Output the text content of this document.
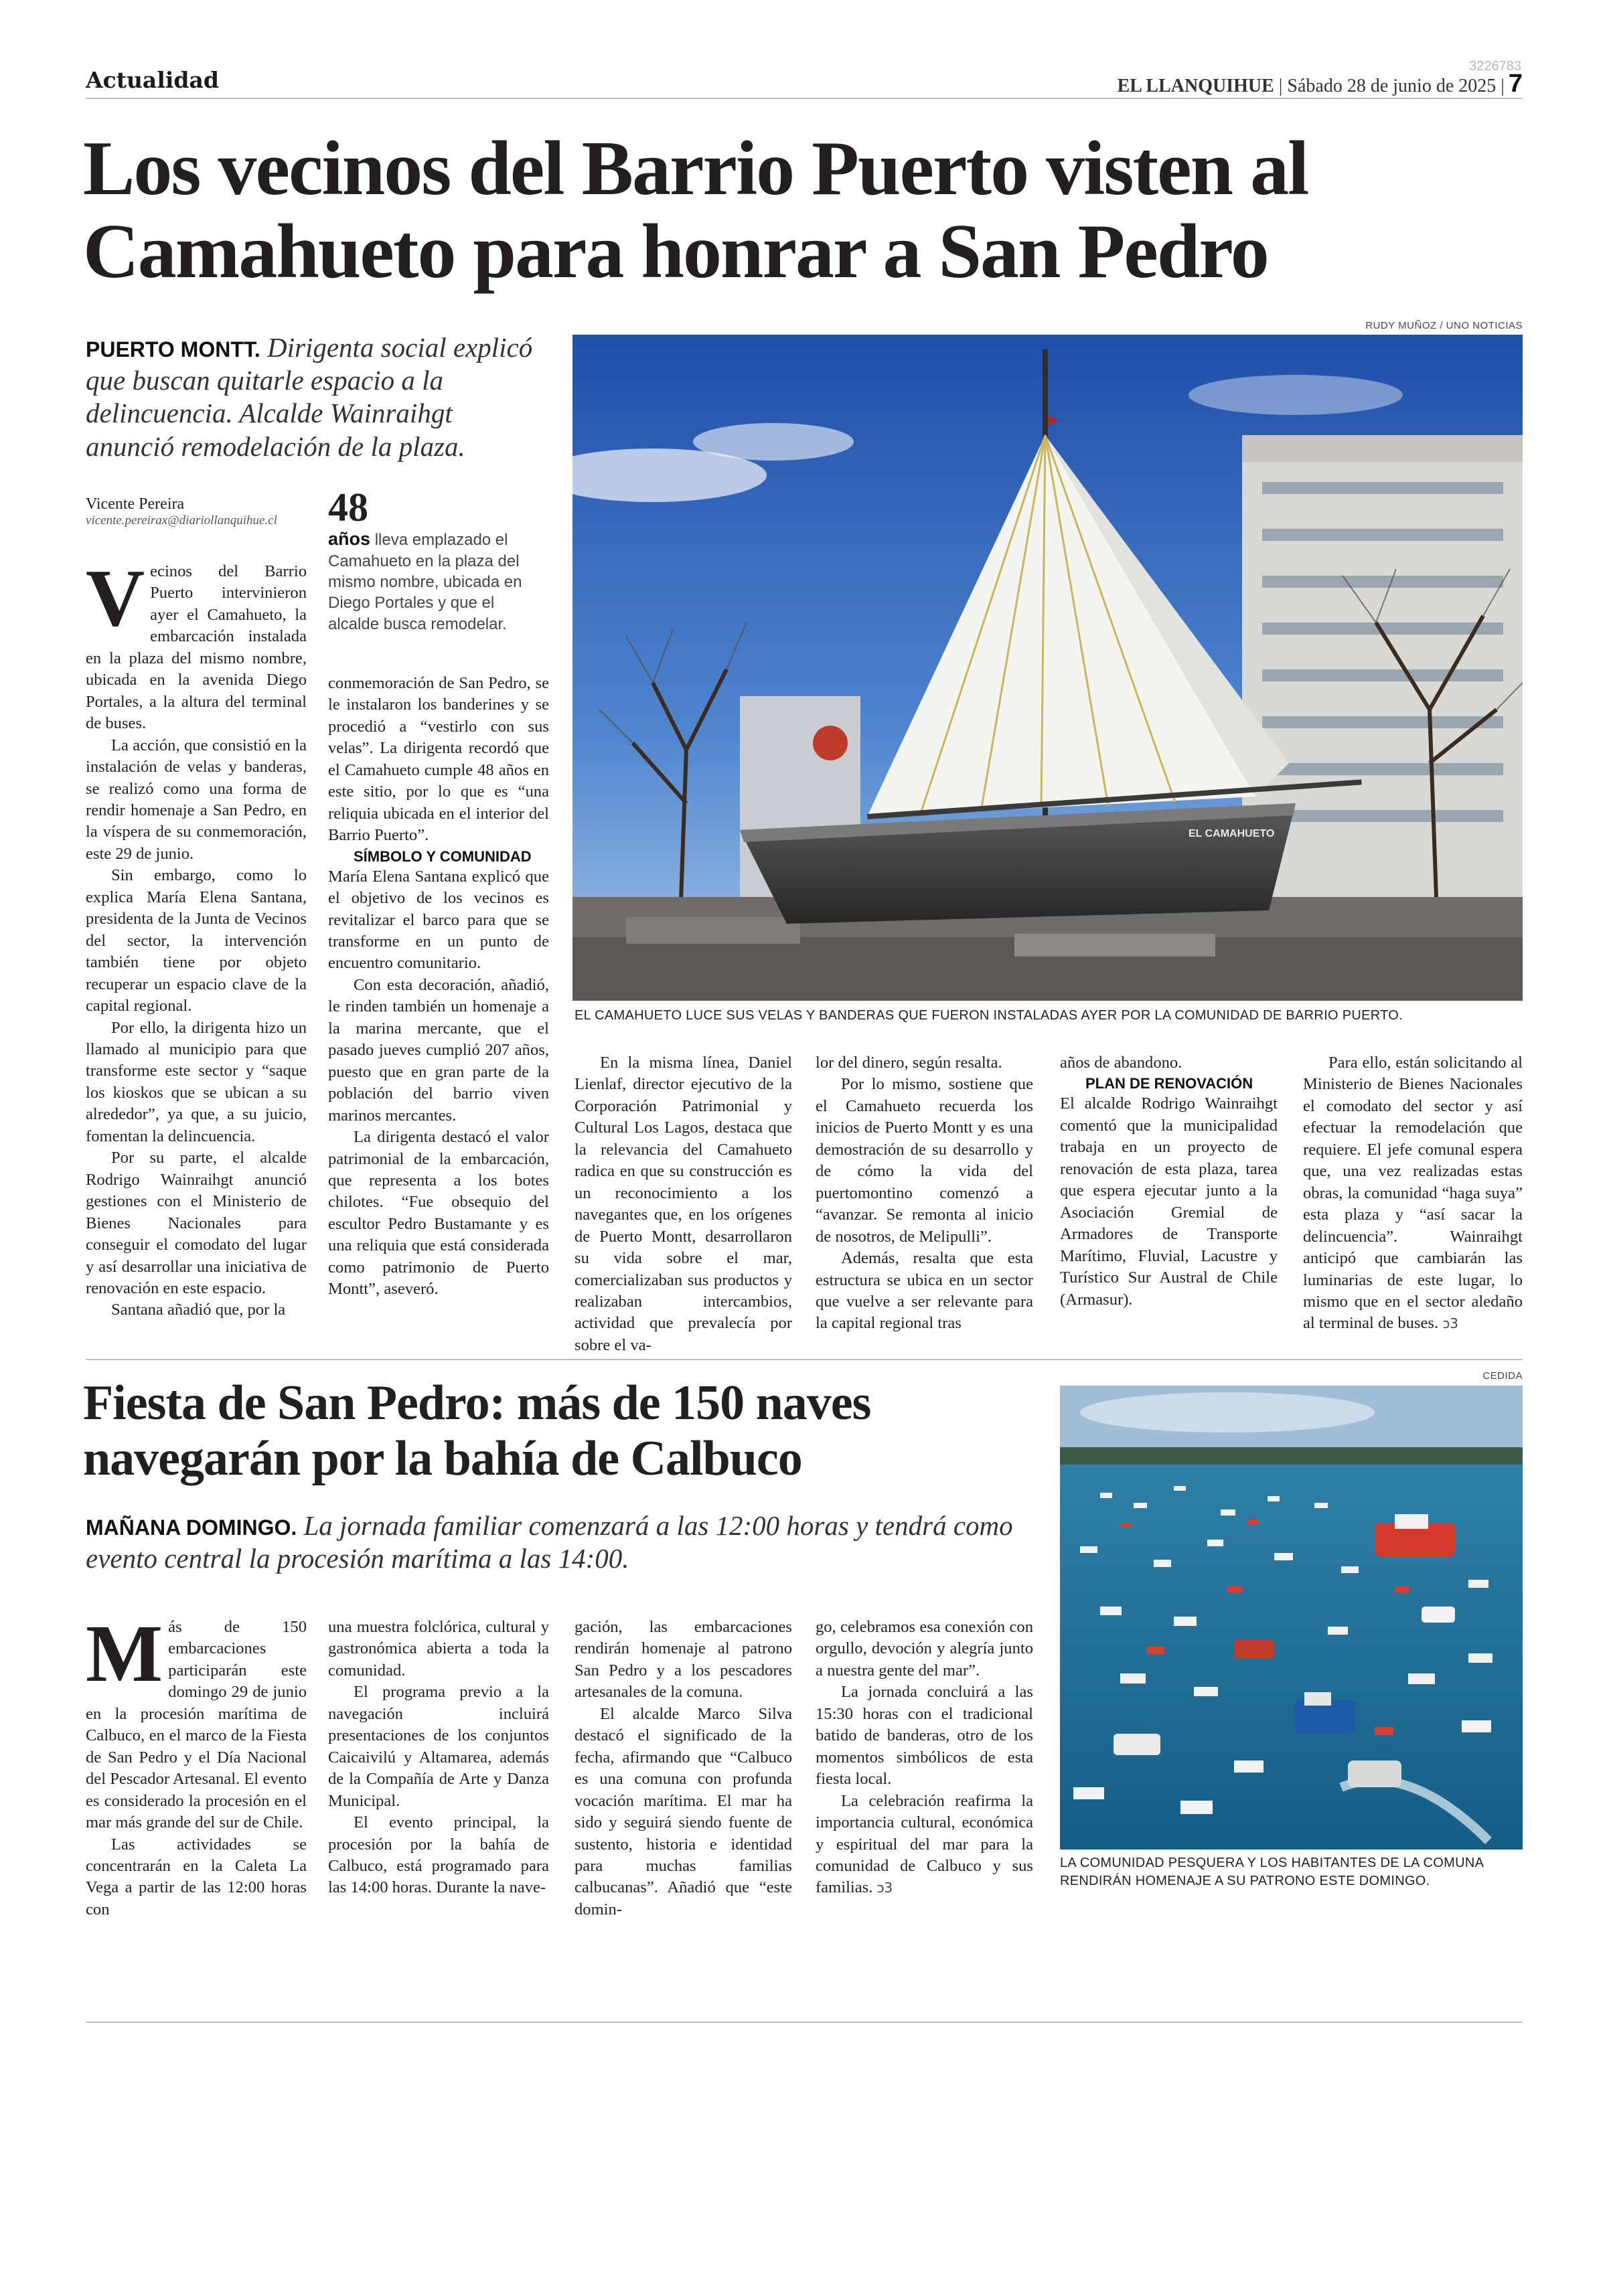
Actualidad	EL LLANQUIHUE | Sábado 28 de junio de 2025 | 7
3226783
Los vecinos del Barrio Puerto visten al Camahueto para honrar a San Pedro
PUERTO MONTT. Dirigenta social explicó que buscan quitarle espacio a la delincuencia. Alcalde Wainraihgt anunció remodelación de la plaza.
Vicente Pereira
vicente.pereirax@diariollanquihue.cl	48
años lleva emplazado el Camahueto en la plaza del mismo nombre, ubicada en Diego Portales y que el alcalde busca remodelar.
RUDY MUÑOZ / UNO NOTICIAS
EL CAMAHUETO
EL CAMAHUETO LUCE SUS VELAS Y BANDERAS QUE FUERON INSTALADAS AYER POR LA COMUNIDAD DE BARRIO PUERTO.

Vecinos del Barrio Puerto intervinieron ayer el Camahueto, la embarcación instalada en la plaza del mismo nombre, ubicada en la avenida Diego Portales, a la altura del terminal de buses.

La acción, que consistió en la instalación de velas y banderas, se realizó como una forma de rendir homenaje a San Pedro, en la víspera de su conmemoración, este 29 de junio.

Sin embargo, como lo explica María Elena Santana, presidenta de la Junta de Vecinos del sector, la intervención también tiene por objeto recuperar un espacio clave de la capital regional.

Por ello, la dirigenta hizo un llamado al municipio para que transforme este sector y “saque los kioskos que se ubican a su alrededor”, ya que, a su juicio, fomentan la delincuencia.

Por su parte, el alcalde Rodrigo Wainraihgt anunció gestiones con el Ministerio de Bienes Nacionales para conseguir el comodato del lugar y así desarrollar una iniciativa de renovación en este espacio.

Santana añadió que, por la

conmemoración de San Pedro, se le instalaron los banderines y se procedió a “vestirlo con sus velas”. La dirigenta recordó que el Camahueto cumple 48 años en este sitio, por lo que es “una reliquia ubicada en el interior del Barrio Puerto”.

SÍMBOLO Y COMUNIDAD

María Elena Santana explicó que el objetivo de los vecinos es revitalizar el barco para que se transforme en un punto de encuentro comunitario.

Con esta decoración, añadió, le rinden también un homenaje a la marina mercante, que el pasado jueves cumplió 207 años, puesto que en gran parte de la población del barrio viven marinos mercantes.

La dirigenta destacó el valor patrimonial de la embarcación, que representa a los botes chilotes. “Fue obsequio del escultor Pedro Bustamante y es una reliquia que está considerada como patrimonio de Puerto Montt”, aseveró.

En la misma línea, Daniel Lienlaf, director ejecutivo de la Corporación Patrimonial y Cultural Los Lagos, destaca que la relevancia del Camahueto radica en que su construcción es un reconocimiento a los navegantes que, en los orígenes de Puerto Montt, desarrollaron su vida sobre el mar, comercializaban sus productos y realizaban intercambios, actividad que prevalecía por sobre el va-

lor del dinero, según resalta.

Por lo mismo, sostiene que el Camahueto recuerda los inicios de Puerto Montt y es una demostración de su desarrollo y de cómo la vida del puertomontino comenzó a “avanzar. Se remonta al inicio de nosotros, de Melipulli”.

Además, resalta que esta estructura se ubica en un sector que vuelve a ser relevante para la capital regional tras

años de abandono.

PLAN DE RENOVACIÓN

El alcalde Rodrigo Wainraihgt comentó que la municipalidad trabaja en un proyecto de renovación de esta plaza, tarea que espera ejecutar junto a la Asociación Gremial de Armadores de Transporte Marítimo, Fluvial, Lacustre y Turístico Sur Austral de Chile (Armasur).

Para ello, están solicitando al Ministerio de Bienes Nacionales el comodato del sector y así efectuar la remodelación que requiere. El jefe comunal espera que, una vez realizadas estas obras, la comunidad “haga suya” esta plaza y “así sacar la delincuencia”. Wainraihgt anticipó que cambiarán las luminarias de este lugar, lo mismo que en el sector aledaño al terminal de buses. ↄ3

Fiesta de San Pedro: más de 150 naves navegarán por la bahía de Calbuco
MAÑANA DOMINGO. La jornada familiar comenzará a las 12:00 horas y tendrá como evento central la procesión marítima a las 14:00.
CEDIDA
LA COMUNIDAD PESQUERA Y LOS HABITANTES DE LA COMUNA RENDIRÁN HOMENAJE A SU PATRONO ESTE DOMINGO.

Más de 150 embarcaciones participarán este domingo 29 de junio en la procesión marítima de Calbuco, en el marco de la Fiesta de San Pedro y el Día Nacional del Pescador Artesanal. El evento es considerado la procesión en el mar más grande del sur de Chile.

Las actividades se concentrarán en la Caleta La Vega a partir de las 12:00 horas con

una muestra folclórica, cultural y gastronómica abierta a toda la comunidad.

El programa previo a la navegación incluirá presentaciones de los conjuntos Caicaivilú y Altamarea, además de la Compañía de Arte y Danza Municipal.

El evento principal, la procesión por la bahía de Calbuco, está programado para las 14:00 horas. Durante la nave-

gación, las embarcaciones rendirán homenaje al patrono San Pedro y a los pescadores artesanales de la comuna.

El alcalde Marco Silva destacó el significado de la fecha, afirmando que “Calbuco es una comuna con profunda vocación marítima. El mar ha sido y seguirá siendo fuente de sustento, historia e identidad para muchas familias calbucanas”. Añadió que “este domin-

go, celebramos esa conexión con orgullo, devoción y alegría junto a nuestra gente del mar”.

La jornada concluirá a las 15:30 horas con el tradicional batido de banderas, otro de los momentos simbólicos de esta fiesta local.

La celebración reafirma la importancia cultural, económica y espiritual del mar para la comunidad de Calbuco y sus familias. ↄ3
